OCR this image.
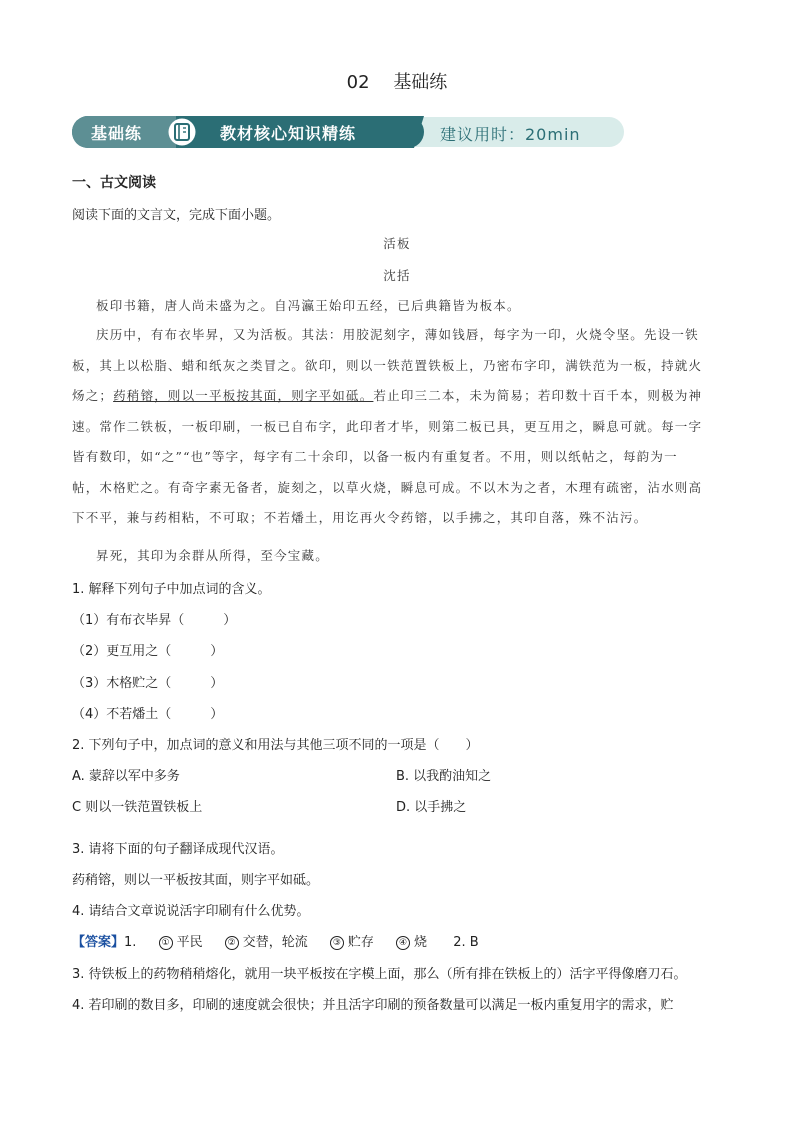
02 基础练
基础练	教材核心知识精练	建议用时：20min
一、古文阅读
阅读下面的文言文，完成下面小题。
活板
沈括
板印书籍，唐人尚未盛为之。自冯瀛王始印五经，已后典籍皆为板本。
庆历中，有布衣毕昇，又为活板。其法：用胶泥刻字，薄如钱唇，每字为一印，火烧令坚。先设一铁
板，其上以松脂、蜡和纸灰之类冒之。欲印，则以一铁范置铁板上，乃密布字印，满铁范为一板，持就火
炀之；药稍镕，则以一平板按其面，则字平如砥。若止印三二本，未为简易；若印数十百千本，则极为神
速。常作二铁板，一板印刷，一板已自布字，此印者才毕，则第二板已具，更互用之，瞬息可就。每一字
皆有数印，如“之”“也”等字，每字有二十余印，以备一板内有重复者。不用，则以纸帖之，每韵为一
帖，木格贮之。有奇字素无备者，旋刻之，以草火烧，瞬息可成。不以木为之者，木理有疏密，沾水则高
下不平，兼与药相粘，不可取；不若燔土，用讫再火令药镕，以手拂之，其印自落，殊不沾污。
昇死，其印为余群从所得，至今宝藏。
1. 解释下列句子中加点词的含义。
（1）有布衣毕昇（　　　）
（2）更互用之（　　　）
（3）木格贮之（　　　）
（4）不若燔土（　　　）
2. 下列句子中，加点词的意义和用法与其他三项不同的一项是（　　）
A. 蒙辞以军中多务	B. 以我酌油知之
C 则以一铁范置铁板上	D. 以手拂之
3. 请将下面的句子翻译成现代汉语。
药稍镕，则以一平板按其面，则字平如砥。
4. 请结合文章说说活字印刷有什么优势。
【答案】1.	① 平民	② 交替，轮流	③ 贮存	④ 烧 2. B
3. 待铁板上的药物稍稍熔化，就用一块平板按在字模上面，那么（所有排在铁板上的）活字平得像磨刀石。
4. 若印刷的数目多，印刷的速度就会很快；并且活字印刷的预备数量可以满足一板内重复用字的需求，贮
